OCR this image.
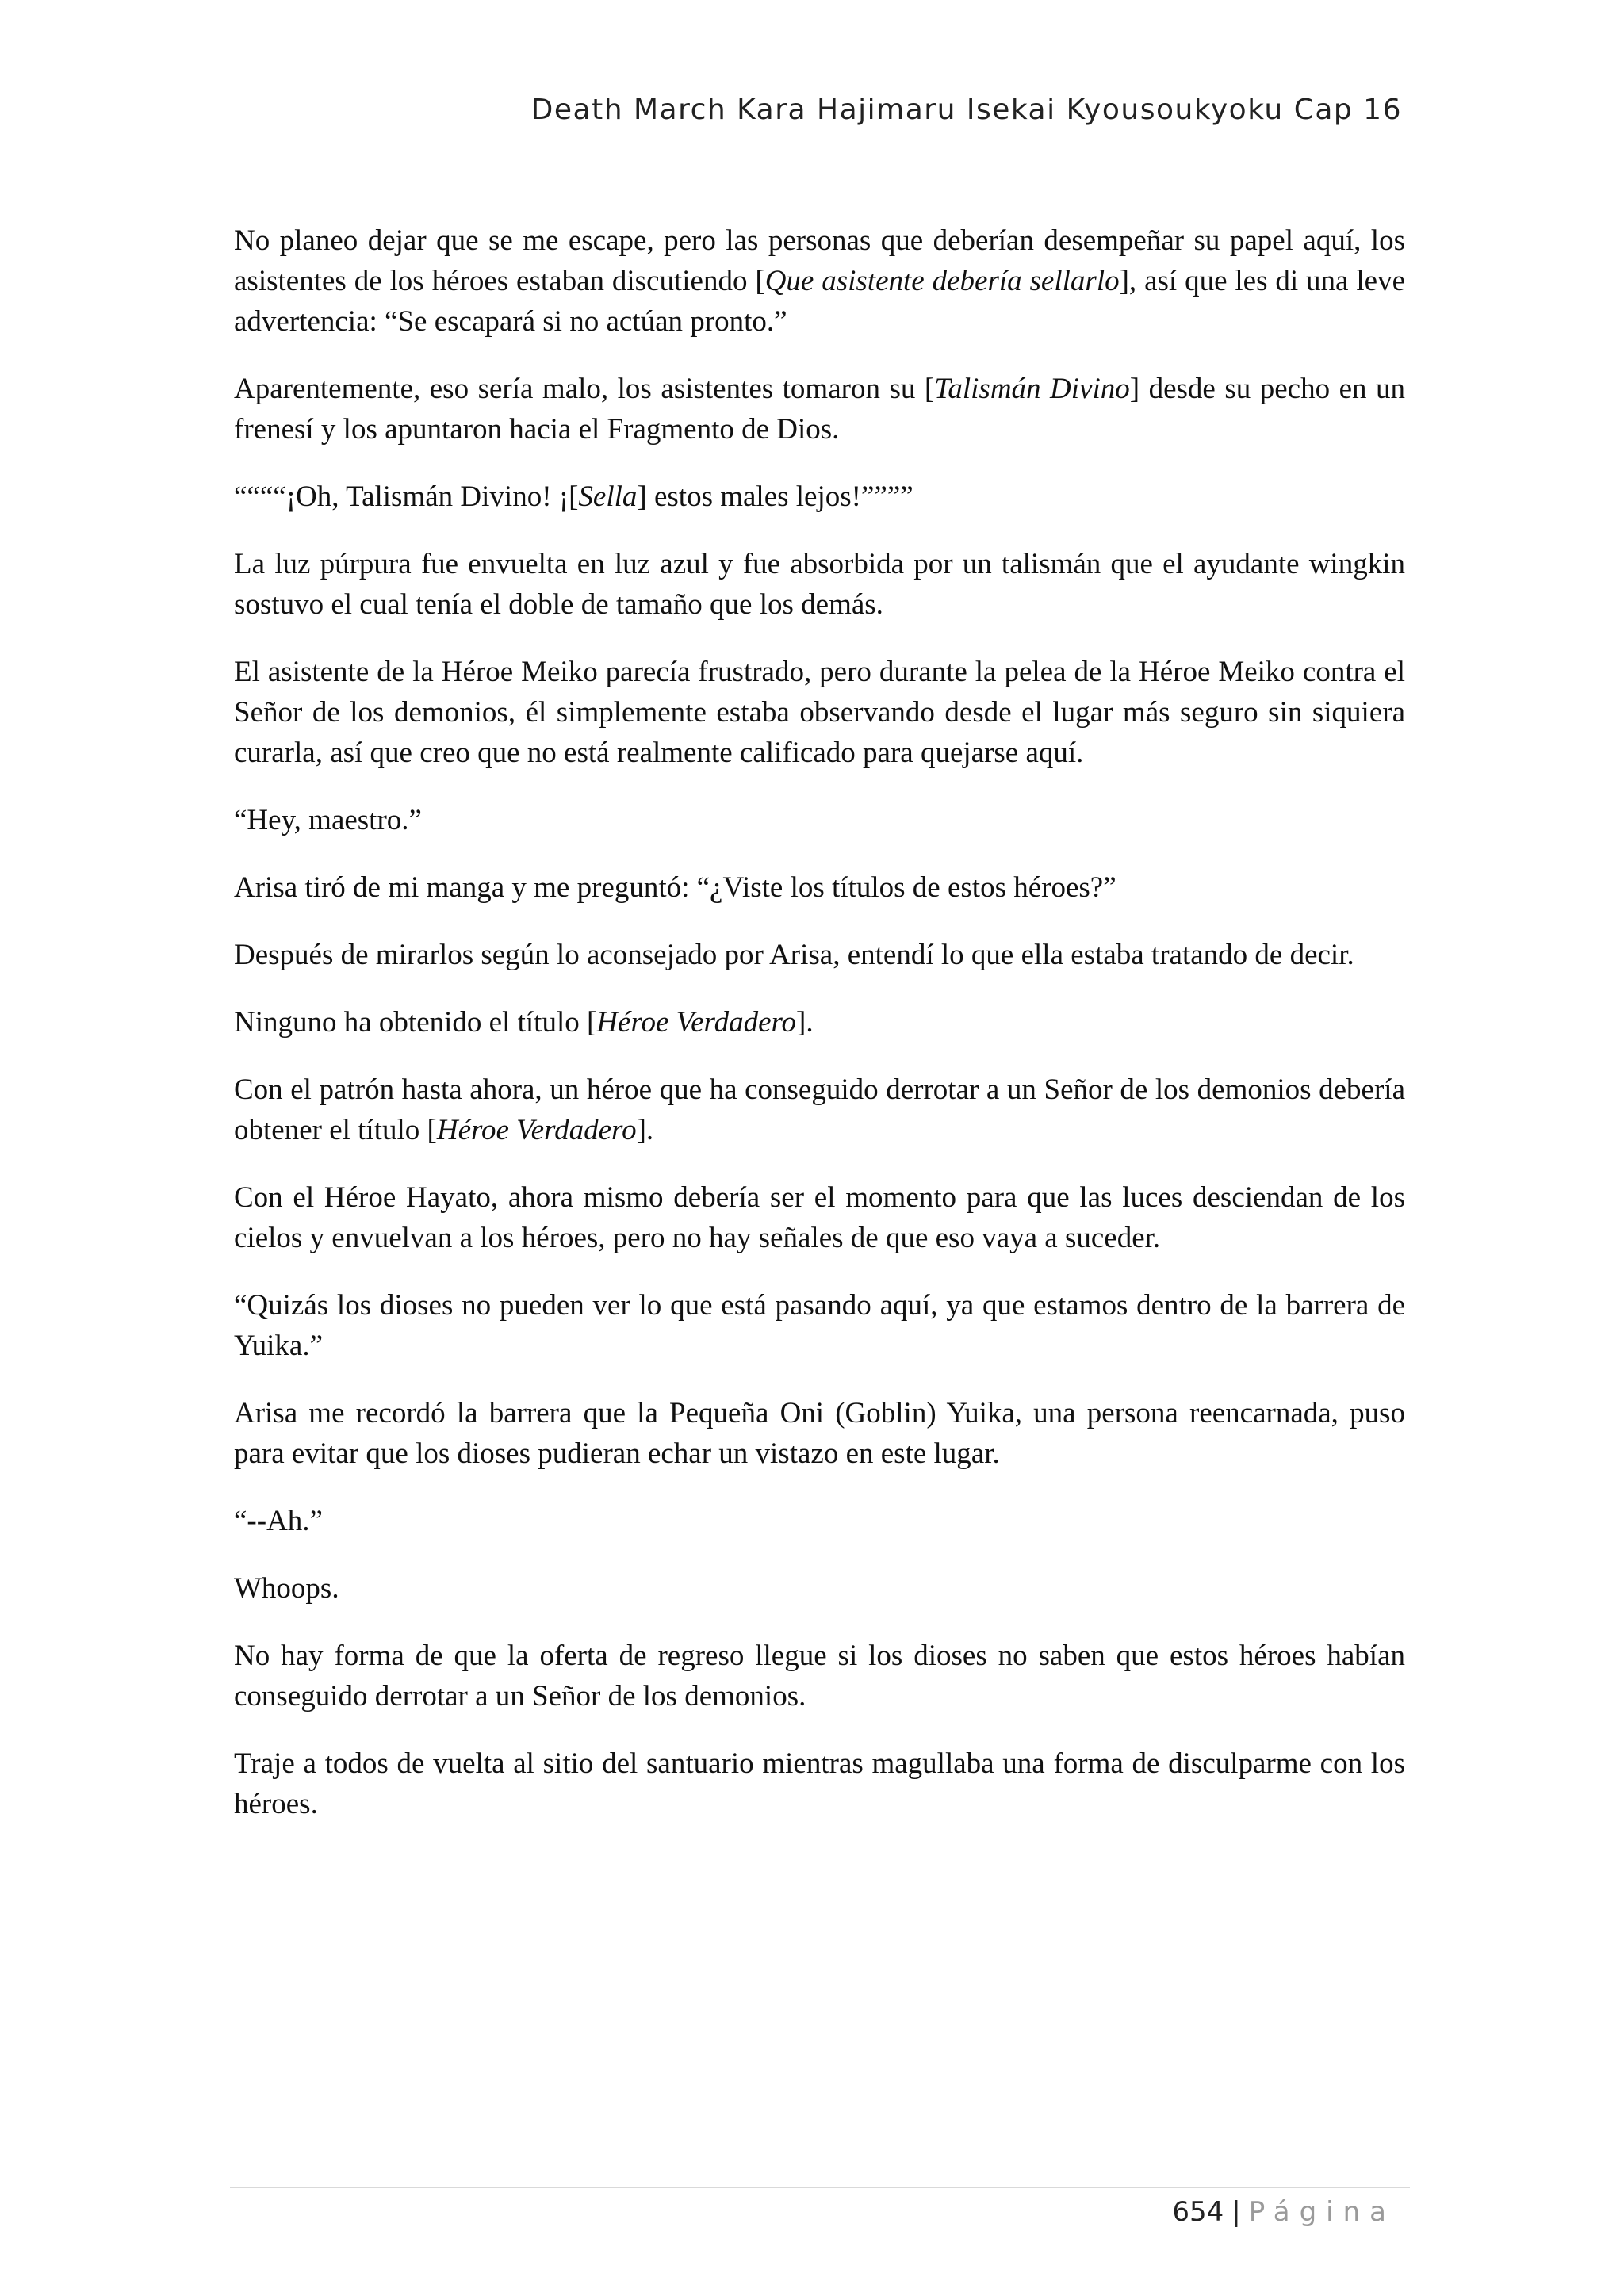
Death March Kara Hajimaru Isekai Kyousoukyoku Cap 16

No planeo dejar que se me escape, pero las personas que deberían desempeñar su papel aquí, los asistentes de los héroes estaban discutiendo [Que asistente debería sellarlo], así que les di una leve advertencia: “Se escapará si no actúan pronto.”

Aparentemente, eso sería malo, los asistentes tomaron su [Talismán Divino] desde su pecho en un frenesí y los apuntaron hacia el Fragmento de Dios.

““““¡Oh, Talismán Divino! ¡[Sella] estos males lejos!””””

La luz púrpura fue envuelta en luz azul y fue absorbida por un talismán que el ayudante wingkin sostuvo el cual tenía el doble de tamaño que los demás.

El asistente de la Héroe Meiko parecía frustrado, pero durante la pelea de la Héroe Meiko contra el Señor de los demonios, él simplemente estaba observando desde el lugar más seguro sin siquiera curarla, así que creo que no está realmente calificado para quejarse aquí.

“Hey, maestro.”

Arisa tiró de mi manga y me preguntó: “¿Viste los títulos de estos héroes?”

Después de mirarlos según lo aconsejado por Arisa, entendí lo que ella estaba tratando de decir.

Ninguno ha obtenido el título [Héroe Verdadero].

Con el patrón hasta ahora, un héroe que ha conseguido derrotar a un Señor de los demonios debería obtener el título [Héroe Verdadero].

Con el Héroe Hayato, ahora mismo debería ser el momento para que las luces desciendan de los cielos y envuelvan a los héroes, pero no hay señales de que eso vaya a suceder.

“Quizás los dioses no pueden ver lo que está pasando aquí, ya que estamos dentro de la barrera de Yuika.”

Arisa me recordó la barrera que la Pequeña Oni (Goblin) Yuika, una persona reencarnada, puso para evitar que los dioses pudieran echar un vistazo en este lugar.

“--Ah.”

Whoops.

No hay forma de que la oferta de regreso llegue si los dioses no saben que estos héroes habían conseguido derrotar a un Señor de los demonios.

Traje a todos de vuelta al sitio del santuario mientras magullaba una forma de disculparme con los héroes.

654 | Página
